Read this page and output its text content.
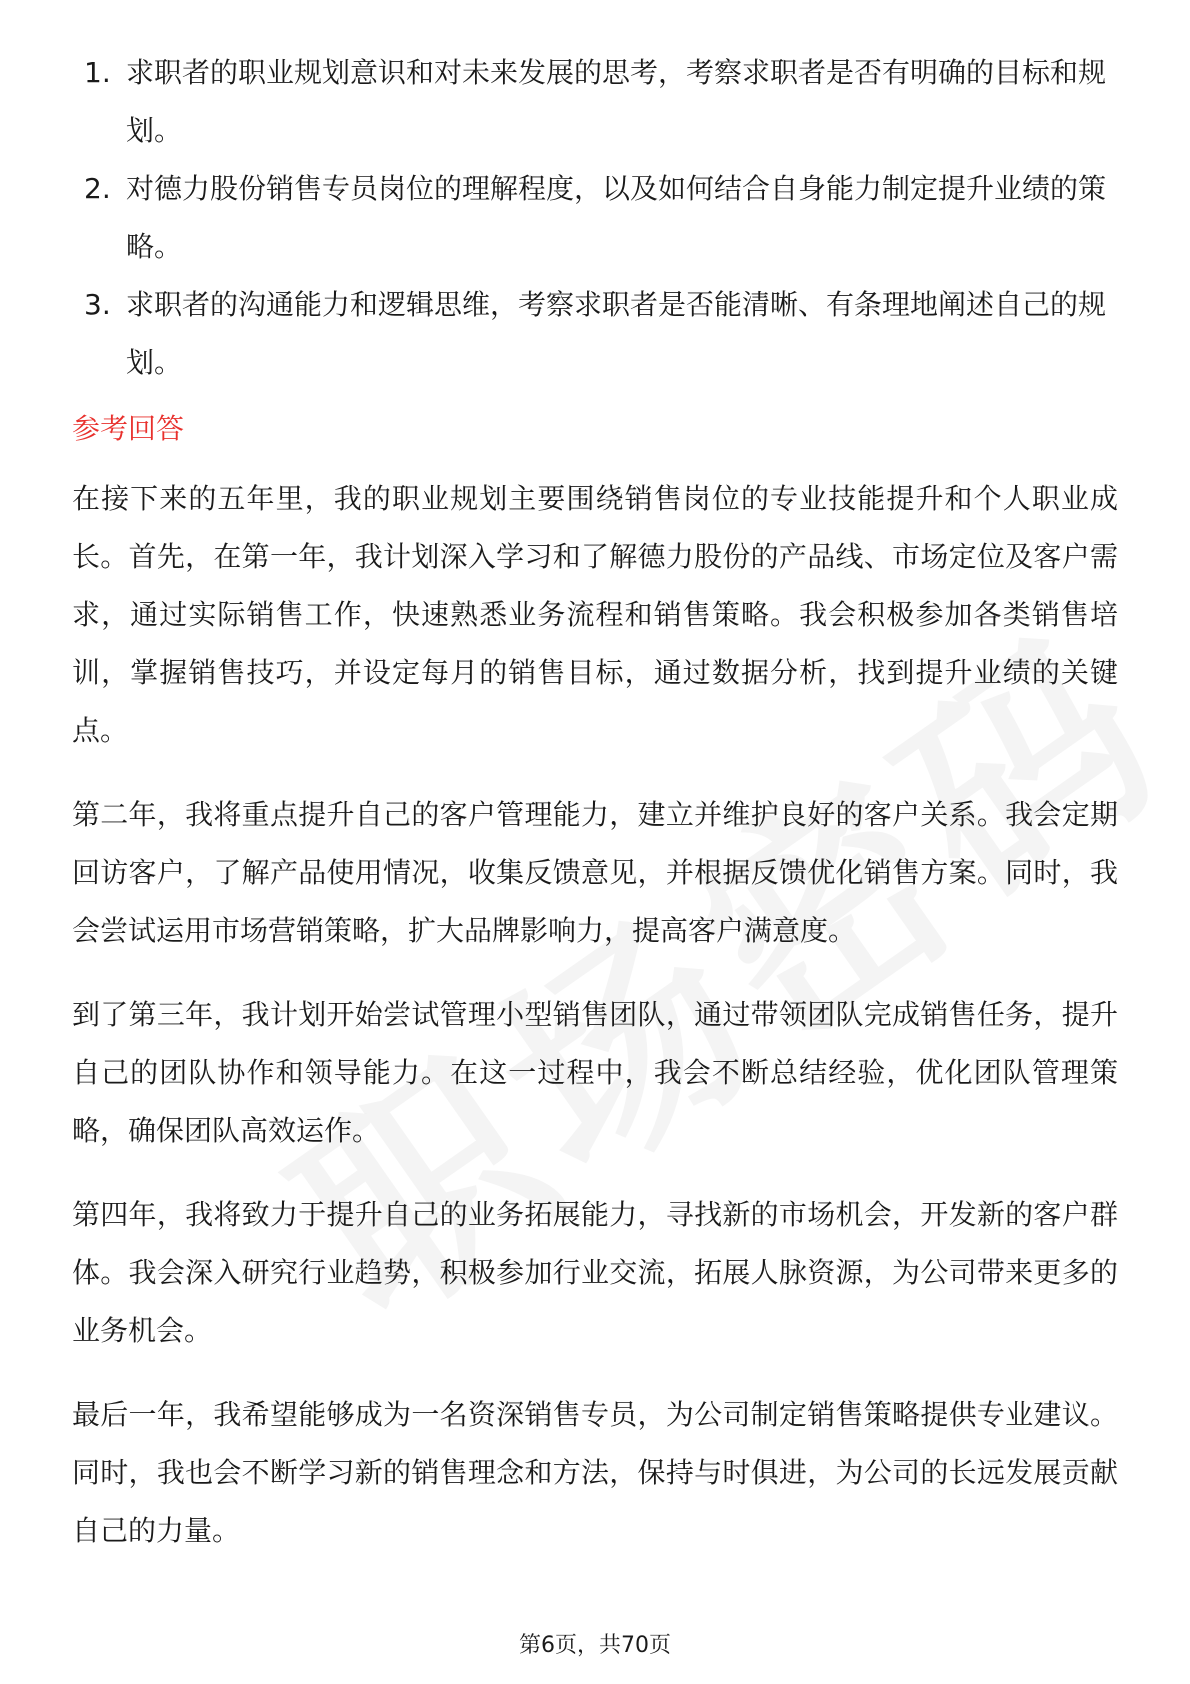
1. 求职者的职业规划意识和对未来发展的思考，考察求职者是否有明确的目标和规划。
2. 对德力股份销售专员岗位的理解程度，以及如何结合自身能力制定提升业绩的策略。
3. 求职者的沟通能力和逻辑思维，考察求职者是否能清晰、有条理地阐述自己的规划。
参考回答

在接下来的五年里，我的职业规划主要围绕销售岗位的专业技能提升和个人职业成长。首先，在第一年，我计划深入学习和了解德力股份的产品线、市场定位及客户需求，通过实际销售工作，快速熟悉业务流程和销售策略。我会积极参加各类销售培训，掌握销售技巧，并设定每月的销售目标，通过数据分析，找到提升业绩的关键点。

第二年，我将重点提升自己的客户管理能力，建立并维护良好的客户关系。我会定期回访客户，了解产品使用情况，收集反馈意见，并根据反馈优化销售方案。同时，我会尝试运用市场营销策略，扩大品牌影响力，提高客户满意度。

到了第三年，我计划开始尝试管理小型销售团队，通过带领团队完成销售任务，提升自己的团队协作和领导能力。在这一过程中，我会不断总结经验，优化团队管理策略，确保团队高效运作。

第四年，我将致力于提升自己的业务拓展能力，寻找新的市场机会，开发新的客户群体。我会深入研究行业趋势，积极参加行业交流，拓展人脉资源，为公司带来更多的业务机会。

最后一年，我希望能够成为一名资深销售专员，为公司制定销售策略提供专业建议。同时，我也会不断学习新的销售理念和方法，保持与时俱进，为公司的长远发展贡献自己的力量。

第6页，共70页
